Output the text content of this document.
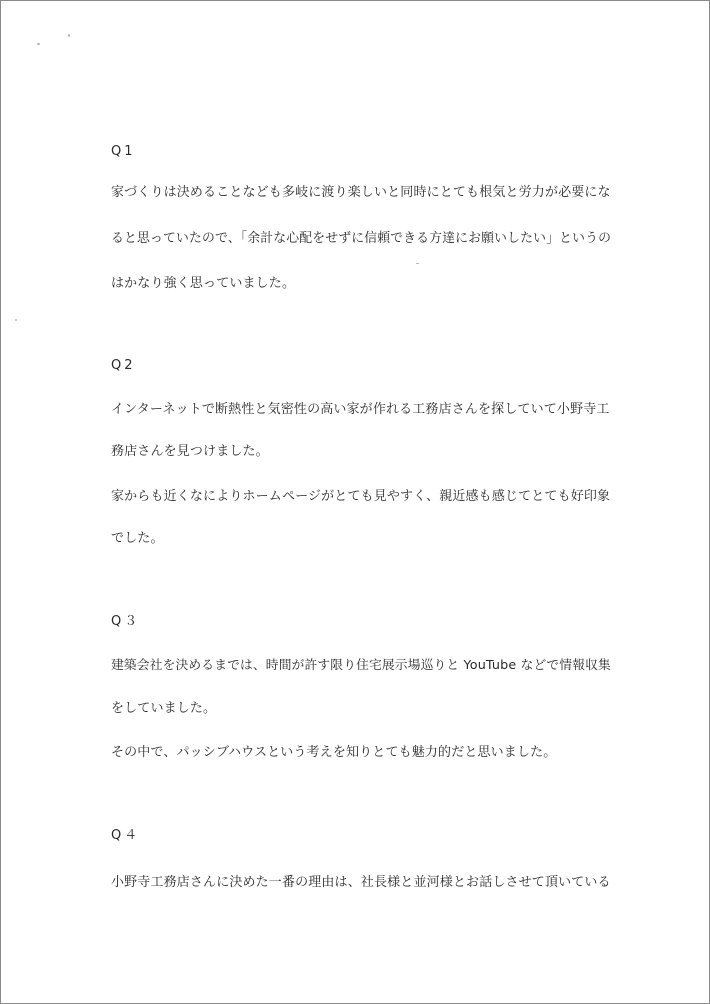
Q1
家づくりは決めることなども多岐に渡り楽しいと同時にとても根気と労力が必要にな
ると思っていたので、「余計な心配をせずに信頼できる方達にお願いしたい」というの
はかなり強く思っていました。
Q2
インターネットで断熱性と気密性の高い家が作れる工務店さんを探していて小野寺工
務店さんを見つけました。
家からも近くなによりホームページがとても見やすく、親近感も感じてとても好印象
でした。
Q３
建築会社を決めるまでは、時間が許す限り住宅展示場巡りと YouTube などで情報収集
をしていました。
その中で、パッシブハウスという考えを知りとても魅力的だと思いました。
Q４
小野寺工務店さんに決めた一番の理由は、社長様と並河様とお話しさせて頂いている
